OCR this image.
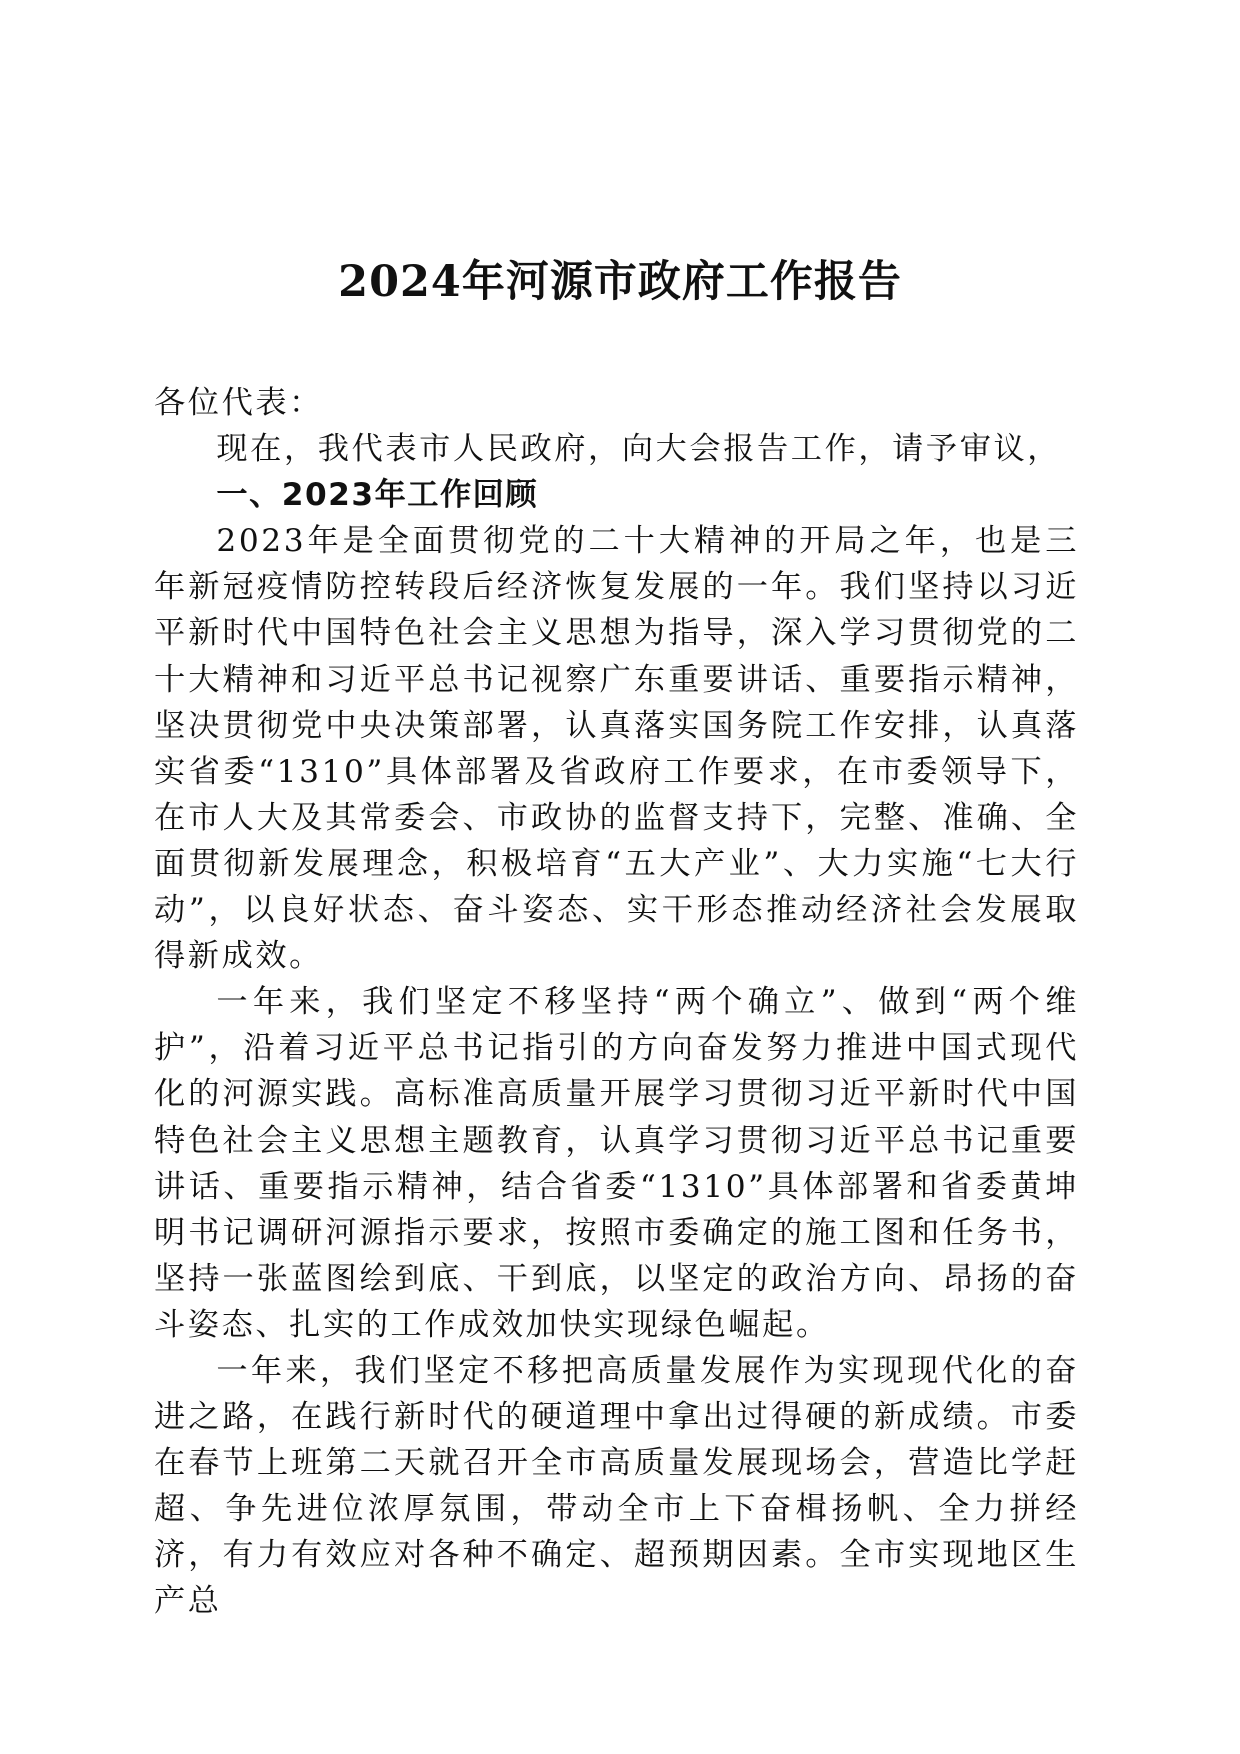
2024年河源市政府工作报告

各位代表：

现在，我代表市人民政府，向大会报告工作，请予审议，

一、2023年工作回顾

2023年是全面贯彻党的二十大精神的开局之年，也是三年新冠疫情防控转段后经济恢复发展的一年。我们坚持以习近平新时代中国特色社会主义思想为指导，深入学习贯彻党的二十大精神和习近平总书记视察广东重要讲话、重要指示精神，坚决贯彻党中央决策部署，认真落实国务院工作安排，认真落实省委“1310”具体部署及省政府工作要求，在市委领导下，在市人大及其常委会、市政协的监督支持下，完整、准确、全面贯彻新发展理念，积极培育“五大产业”、大力实施“七大行动”，以良好状态、奋斗姿态、实干形态推动经济社会发展取得新成效。

一年来，我们坚定不移坚持“两个确立”、做到“两个维护”，沿着习近平总书记指引的方向奋发努力推进中国式现代化的河源实践。高标准高质量开展学习贯彻习近平新时代中国特色社会主义思想主题教育，认真学习贯彻习近平总书记重要讲话、重要指示精神，结合省委“1310”具体部署和省委黄坤明书记调研河源指示要求，按照市委确定的施工图和任务书，坚持一张蓝图绘到底、干到底，以坚定的政治方向、昂扬的奋斗姿态、扎实的工作成效加快实现绿色崛起。

一年来，我们坚定不移把高质量发展作为实现现代化的奋进之路，在践行新时代的硬道理中拿出过得硬的新成绩。市委在春节上班第二天就召开全市高质量发展现场会，营造比学赶超、争先进位浓厚氛围，带动全市上下奋楫扬帆、全力拼经济，有力有效应对各种不确定、超预期因素。全市实现地区生产总
